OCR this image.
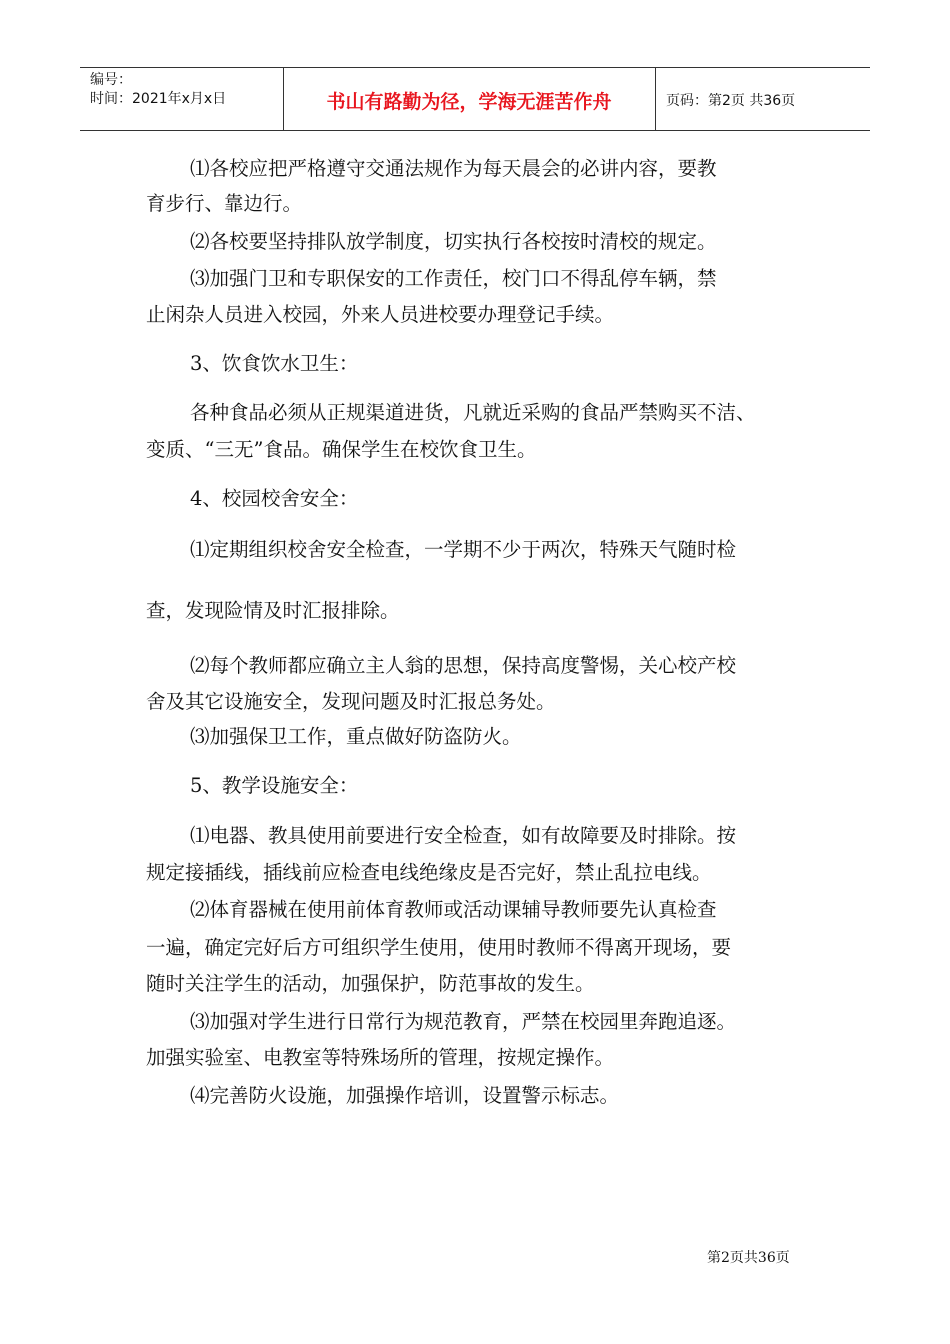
编号：
时间：2021年x月x日	书山有路勤为径，学海无涯苦作舟	页码：第2页 共36页
⑴各校应把严格遵守交通法规作为每天晨会的必讲内容，要教
育步行、靠边行。
⑵各校要坚持排队放学制度，切实执行各校按时清校的规定。
⑶加强门卫和专职保安的工作责任，校门口不得乱停车辆，禁
止闲杂人员进入校园，外来人员进校要办理登记手续。
3、饮食饮水卫生：
各种食品必须从正规渠道进货，凡就近采购的食品严禁购买不洁、
变质、“三无”食品。确保学生在校饮食卫生。
4、校园校舍安全：
⑴定期组织校舍安全检查，一学期不少于两次，特殊天气随时检
查，发现险情及时汇报排除。
⑵每个教师都应确立主人翁的思想，保持高度警惕，关心校产校
舍及其它设施安全，发现问题及时汇报总务处。
⑶加强保卫工作，重点做好防盗防火。
5、教学设施安全：
⑴电器、教具使用前要进行安全检查，如有故障要及时排除。按
规定接插线，插线前应检查电线绝缘皮是否完好，禁止乱拉电线。
⑵体育器械在使用前体育教师或活动课辅导教师要先认真检查
一遍，确定完好后方可组织学生使用，使用时教师不得离开现场，要
随时关注学生的活动，加强保护，防范事故的发生。
⑶加强对学生进行日常行为规范教育，严禁在校园里奔跑追逐。
加强实验室、电教室等特殊场所的管理，按规定操作。
⑷完善防火设施，加强操作培训，设置警示标志。
第2页共36页
